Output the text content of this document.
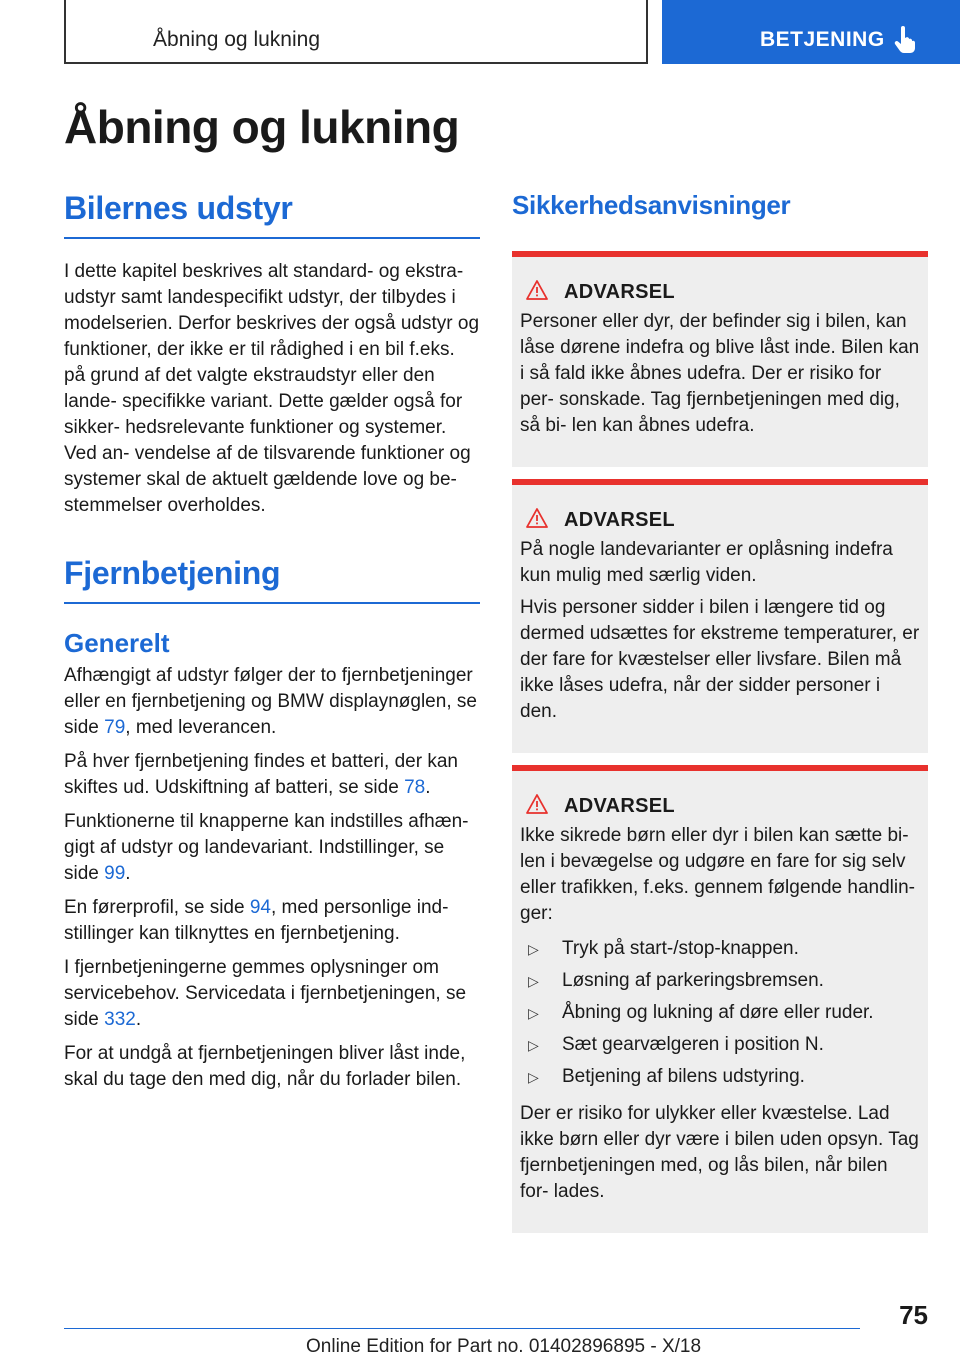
Åbning og lukning	BETJENING
Åbning og lukning
Bilernes udstyr

I dette kapitel beskrives alt standard- og ekstra- udstyr samt landespecifikt udstyr, der tilbydes i modelserien. Derfor beskrives der også udstyr og funktioner, der ikke er til rådighed i en bil f.eks. på grund af det valgte ekstraudstyr eller den lande- specifikke variant. Dette gælder også for sikker- hedsrelevante funktioner og systemer. Ved an- vendelse af de tilsvarende funktioner og systemer skal de aktuelt gældende love og be- stemmelser overholdes.

Fjernbetjening
Generelt

Afhængigt af udstyr følger der to fjernbetjeninger eller en fjernbetjening og BMW displaynøglen, se side 79, med leverancen.

På hver fjernbetjening findes et batteri, der kan skiftes ud. Udskiftning af batteri, se side 78.

Funktionerne til knapperne kan indstilles afhæn- gigt af udstyr og landevariant. Indstillinger, se side 99.

En førerprofil, se side 94, med personlige ind- stillinger kan tilknyttes en fjernbetjening.

I fjernbetjeningerne gemmes oplysninger om servicebehov. Servicedata i fjernbetjeningen, se side 332.

For at undgå at fjernbetjeningen bliver låst inde, skal du tage den med dig, når du forlader bilen.

Sikkerhedsanvisninger
ADVARSEL

Personer eller dyr, der befinder sig i bilen, kan låse dørene indefra og blive låst inde. Bilen kan i så fald ikke åbnes udefra. Der er risiko for per- sonskade. Tag fjernbetjeningen med dig, så bi- len kan åbnes udefra.

ADVARSEL

På nogle landevarianter er oplåsning indefra kun mulig med særlig viden.

Hvis personer sidder i bilen i længere tid og dermed udsættes for ekstreme temperaturer, er der fare for kvæstelser eller livsfare. Bilen må ikke låses udefra, når der sidder personer i den.

ADVARSEL

Ikke sikrede børn eller dyr i bilen kan sætte bi- len i bevægelse og udgøre en fare for sig selv eller trafikken, f.eks. gennem følgende handlin- ger:

▷	Tryk på start-/stop-knappen.
▷	Løsning af parkeringsbremsen.
▷	Åbning og lukning af døre eller ruder.
▷	Sæt gearvælgeren i position N.
▷	Betjening af bilens udstyring.

Der er risiko for ulykker eller kvæstelse. Lad ikke børn eller dyr være i bilen uden opsyn. Tag fjernbetjeningen med, og lås bilen, når bilen for- lades.

75
Online Edition for Part no. 01402896895 - X/18
